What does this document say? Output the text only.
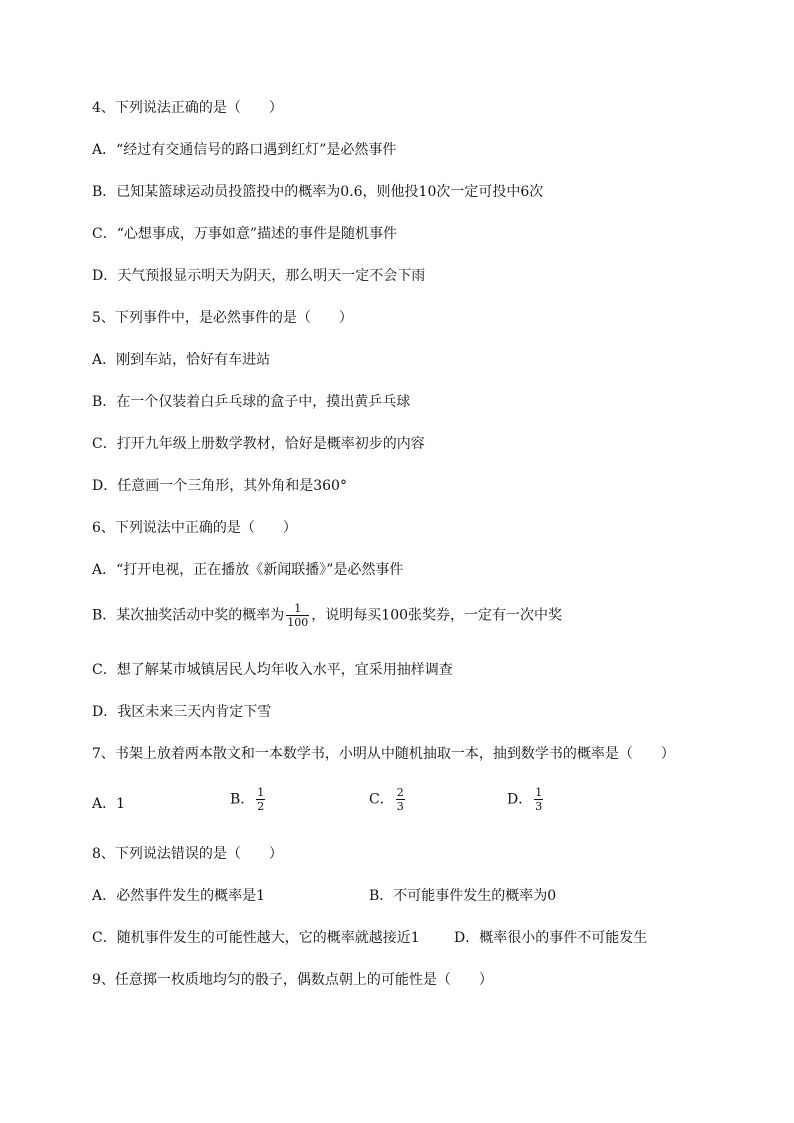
4、下列说法正确的是（　　）
A．“经过有交通信号的路口遇到红灯”是必然事件
B．已知某篮球运动员投篮投中的概率为0.6，则他投10次一定可投中6次
C．“心想事成，万事如意”描述的事件是随机事件
D．天气预报显示明天为阴天，那么明天一定不会下雨
5、下列事件中，是必然事件的是（　　）
A．刚到车站，恰好有车进站
B．在一个仅装着白乒乓球的盒子中，摸出黄乒乓球
C．打开九年级上册数学教材，恰好是概率初步的内容
D．任意画一个三角形，其外角和是360°
6、下列说法中正确的是（　　）
A．“打开电视，正在播放《新闻联播》”是必然事件
B．某次抽奖活动中奖的概率为 $\frac{1}{100}$ ，说明每买100张奖券，一定有一次中奖
C．想了解某市城镇居民人均年收入水平，宜采用抽样调查
D．我区未来三天内肯定下雪
7、书架上放着两本散文和一本数学书，小明从中随机抽取一本，抽到数学书的概率是（　　）
A．1	B． $\frac{1}{2}$	C． $\frac{2}{3}$	D． $\frac{1}{3}$
8、下列说法错误的是（　　）
A．必然事件发生的概率是1	B．不可能事件发生的概率为0
C．随机事件发生的可能性越大，它的概率就越接近1 D．概率很小的事件不可能发生
9、任意掷一枚质地均匀的骰子，偶数点朝上的可能性是（　　）
